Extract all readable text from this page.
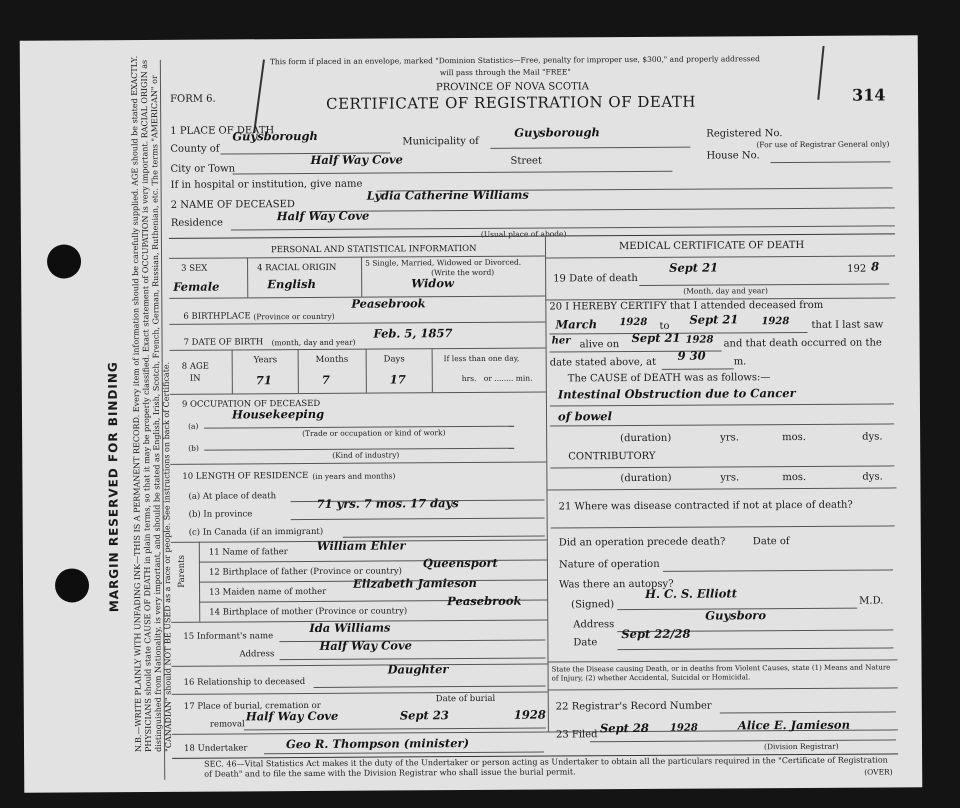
MARGIN RESERVED FOR BINDING N.B.—WRITE PLAINLY WITH UNFADING INK—THIS IS A PERMANENT RECORD. Every item of information should be carefully supplied. AGE should be stated EXACTLY. PHYSICIANS should state CAUSE OF DEATH in plain terms, so that it may be properly classified. Exact statement of OCCUPATION is very important. RACIAL ORIGIN as distinguished from Nationality, is very important, and should be stated as English, Irish, Scotch, French, German, Russian, Ruthenian, etc. The terms "AMERICAN" or "CANADIAN" should NOT BE USED as a race or people. See instructions on back of Certificate.
This form if placed in an envelope, marked "Dominion Statistics—Free, penalty for improper use, $300," and properly addressed
will pass through the Mail "FREE"
PROVINCE OF NOVA SCOTIA
FORM 6.	CERTIFICATE OF REGISTRATION OF DEATH	314
1 PLACE OF DEATH
County of
Guysborough	Municipality of
Guysborough	Registered No.
(For use of Registrar General only)
City or Town
Half Way Cove	Street	House No.
If in hospital or institution, give name
2 NAME OF DECEASED
Lydia Catherine Williams
Residence	Half Way Cove
(Usual place of abode)
PERSONAL AND STATISTICAL INFORMATION
3 SEX	4 RACIAL ORIGIN
5 Single, Married, Widowed or Divorced.
(Write the word)
Female	English	Widow
6 BIRTHPLACE (Province or country)
Peasebrook
7 DATE OF BIRTH (month, day and year)
Feb. 5, 1857
8 AGE
IN
Years	Months	Days
71	7	17
If less than one day,
hrs. or ........ min.
9 OCCUPATION OF DECEASED
(a)
Housekeeping
(Trade or occupation or kind of work)
(b)
(Kind of industry)
10 LENGTH OF RESIDENCE (in years and months)
(a) At place of death
(b) In province
71 yrs. 7 mos. 17 days
(c) In Canada (if an immigrant)
Parents
11 Name of father	William Ehler
12 Birthplace of father (Province or country)
Queensport
13 Maiden name of mother
Elizabeth Jamieson
14 Birthplace of mother (Province or country)
Peasebrook
15 Informant's name
Ida Williams
Address
Half Way Cove
16 Relationship to deceased
Daughter
17 Place of burial, cremation or
Date of burial
removal
Half Way Cove	Sept 23	1928
18 Undertaker	Geo R. Thompson (minister)
MEDICAL CERTIFICATE OF DEATH
19 Date of death
Sept 21	192 8
(Month, day and year)
20 I HEREBY CERTIFY that I attended deceased from
March 1928 to Sept 21 1928 that I last saw
her alive on Sept 21 1928 and that death occurred on the
date stated above, at 9 30	m.
The CAUSE of DEATH was as follows:—
Intestinal Obstruction due to Cancer
of bowel
(duration)	yrs.	mos.	dys.
CONTRIBUTORY
(duration)	yrs.	mos.	dys.
21 Where was disease contracted if not at place of death?
Did an operation precede death?	Date of
Nature of operation
Was there an autopsy?
(Signed)
H. C. S. Elliott
M.D.
Address
Guysboro
Date
Sept 22/28
State the Disease causing Death, or in deaths from Violent Causes, state (1) Means and Nature of Injury, (2) whether Accidental, Suicidal or Homicidal.
22 Registrar's Record Number
23 Filed Sept 28 1928	Alice E. Jamieson
(Division Registrar)
SEC. 46—Vital Statistics Act makes it the duty of the Undertaker or person acting as Undertaker to obtain all the particulars required in the "Certificate of Registration of Death" and to file the same with the Division Registrar who shall issue the burial permit.	(OVER)
